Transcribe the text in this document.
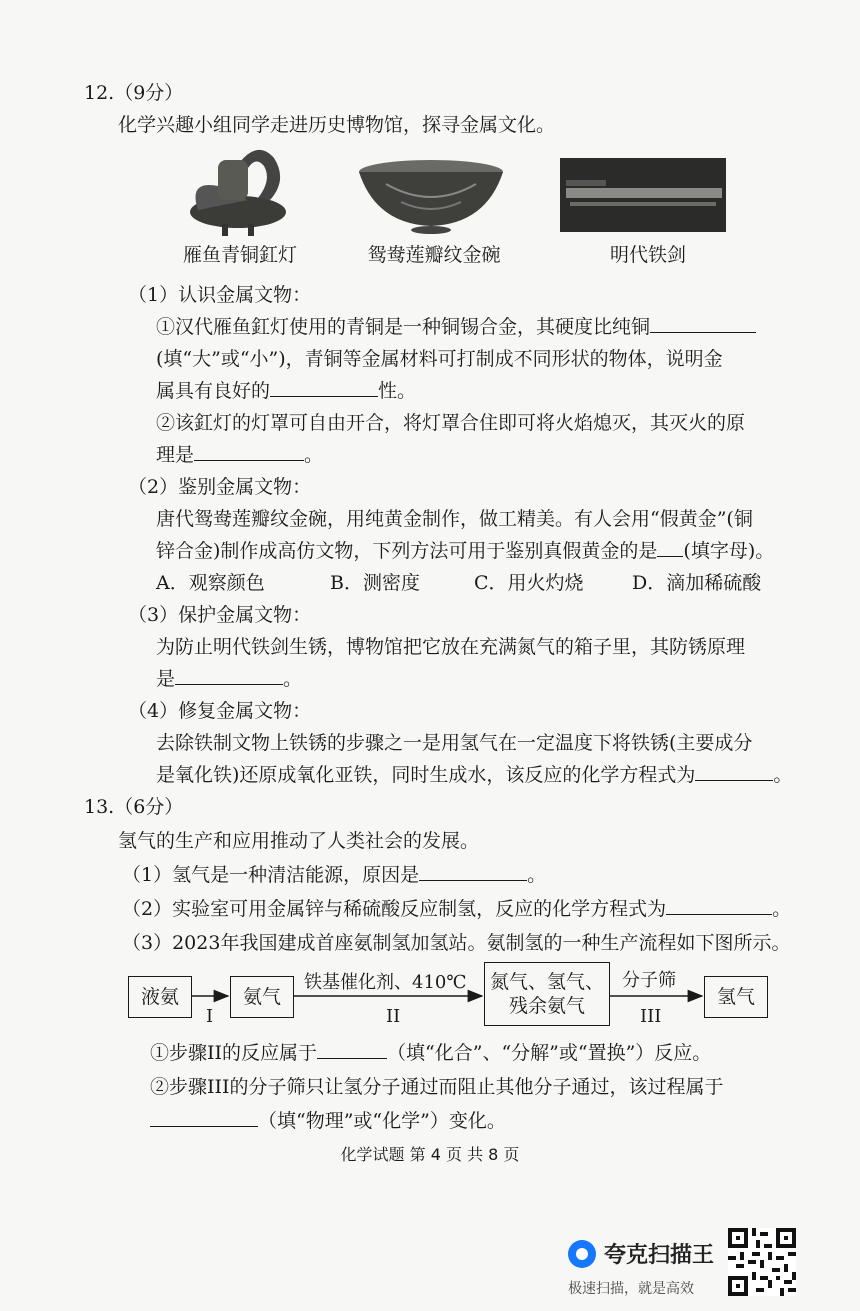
12.（9分）
化学兴趣小组同学走进历史博物馆，探寻金属文化。
雁鱼青铜釭灯	鸳鸯莲瓣纹金碗	明代铁剑
（1）认识金属文物：
①汉代雁鱼釭灯使用的青铜是一种铜锡合金，其硬度比纯铜
(填“大”或“小”)，青铜等金属材料可打制成不同形状的物体，说明金
属具有良好的	性。
②该釭灯的灯罩可自由开合，将灯罩合住即可将火焰熄灭，其灭火的原
理是	。
（2）鉴别金属文物：
唐代鸳鸯莲瓣纹金碗，用纯黄金制作，做工精美。有人会用“假黄金”(铜
锌合金)制作成高仿文物，下列方法可用于鉴别真假黄金的是 (填字母)。
A．观察颜色	B．测密度	C．用火灼烧	D．滴加稀硫酸
（3）保护金属文物：
为防止明代铁剑生锈，博物馆把它放在充满氮气的箱子里，其防锈原理
是	。
（4）修复金属文物：
去除铁制文物上铁锈的步骤之一是用氢气在一定温度下将铁锈(主要成分
是氧化铁)还原成氧化亚铁，同时生成水，该反应的化学方程式为	。
13.（6分）
氢气的生产和应用推动了人类社会的发展。
（1）氢气是一种清洁能源，原因是	。
（2）实验室可用金属锌与稀硫酸反应制氢，反应的化学方程式为	。
（3）2023年我国建成首座氨制氢加氢站。氨制氢的一种生产流程如下图所示。
液氨	氨气
氮气、氢气、
残余氨气	氢气
铁基催化剂、410℃	分子筛
I	II	III
①步骤II的反应属于	（填“化合”、“分解”或“置换”）反应。
②步骤III的分子筛只让氢分子通过而阻止其他分子通过，该过程属于
（填“物理”或“化学”）变化。
化学试题 第 4 页 共 8 页
夸克扫描王
极速扫描，就是高效
